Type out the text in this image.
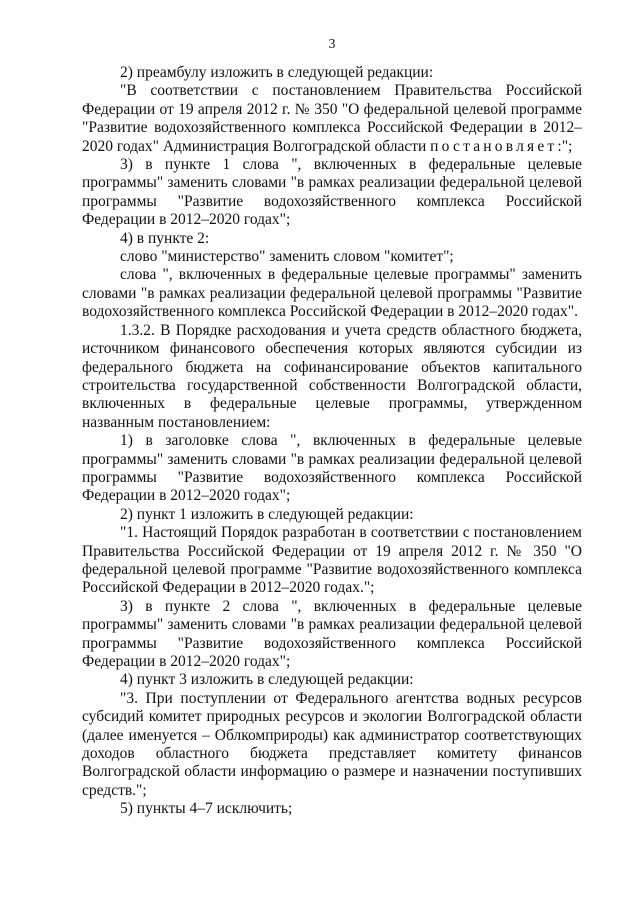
3

2) преамбулу изложить в следующей редакции:

"В соответствии с постановлением Правительства Российской Федерации от 19 апреля 2012 г. № 350 "О федеральной целевой программе "Развитие водохозяйственного комплекса Российской Федерации в 2012–2020 годах" Администрация Волгоградской области постановляет:";

3) в пункте 1 слова ", включенных в федеральные целевые программы" заменить словами "в рамках реализации федеральной целевой программы "Развитие водохозяйственного комплекса Российской Федерации в 2012–2020 годах";

4) в пункте 2:

слово "министерство" заменить словом "комитет";

слова ", включенных в федеральные целевые программы" заменить словами "в рамках реализации федеральной целевой программы "Развитие водохозяйственного комплекса Российской Федерации в 2012–2020 годах".

1.3.2. В Порядке расходования и учета средств областного бюджета, источником финансового обеспечения которых являются субсидии из федерального бюджета на софинансирование объектов капитального строительства государственной собственности Волгоградской области, включенных в федеральные целевые программы, утвержденном названным постановлением:

1) в заголовке слова ", включенных в федеральные целевые программы" заменить словами "в рамках реализации федеральной целевой программы "Развитие водохозяйственного комплекса Российской Федерации в 2012–2020 годах";

2) пункт 1 изложить в следующей редакции:

"1. Настоящий Порядок разработан в соответствии с постановлением Правительства Российской Федерации от 19 апреля 2012 г. № 350 "О федеральной целевой программе "Развитие водохозяйственного комплекса Российской Федерации в 2012–2020 годах.";

3) в пункте 2 слова ", включенных в федеральные целевые программы" заменить словами "в рамках реализации федеральной целевой программы "Развитие водохозяйственного комплекса Российской Федерации в 2012–2020 годах";

4) пункт 3 изложить в следующей редакции:

"3. При поступлении от Федерального агентства водных ресурсов субсидий комитет природных ресурсов и экологии Волгоградской области (далее именуется – Облкомприроды) как администратор соответствующих доходов областного бюджета представляет комитету финансов Волгоградской области информацию о размере и назначении поступивших средств.";

5) пункты 4–7 исключить;
